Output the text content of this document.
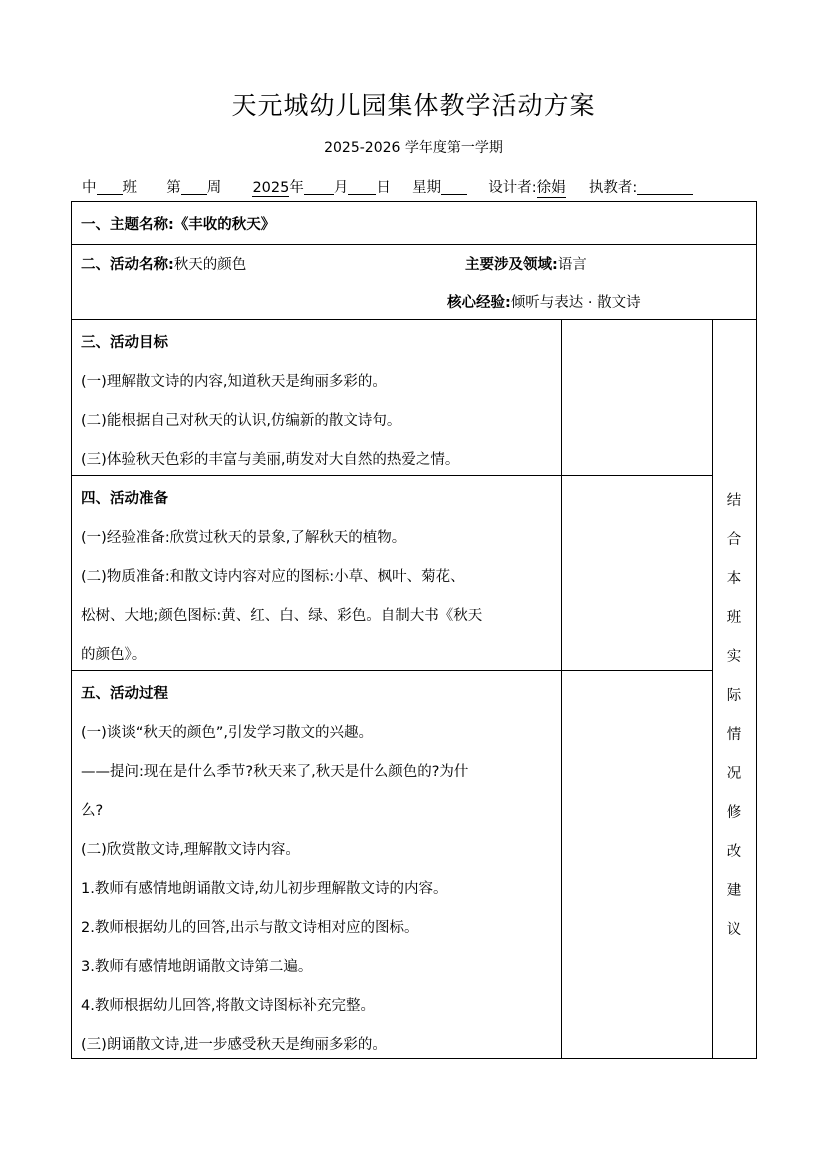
天元城幼儿园集体教学活动方案
2025-2026 学年度第一学期
中 班 第 周 2025年 月 日 星期	设计者:徐娟 执教者:
一、主题名称:《丰收的秋天》
二、活动名称:秋天的颜色	主要涉及领域:语言
核心经验:倾听与表达 · 散文诗
三、活动目标
(一)理解散文诗的内容,知道秋天是绚丽多彩的。
(二)能根据自己对秋天的认识,仿编新的散文诗句。
(三)体验秋天色彩的丰富与美丽,萌发对大自然的热爱之情。
四、活动准备
(一)经验准备:欣赏过秋天的景象,了解秋天的植物。
(二)物质准备:和散文诗内容对应的图标:小草、枫叶、菊花、
松树、大地;颜色图标:黄、红、白、绿、彩色。自制大书《秋天
的颜色》。
五、活动过程
(一)谈谈“秋天的颜色”,引发学习散文的兴趣。
——提问:现在是什么季节?秋天来了,秋天是什么颜色的?为什
么?
(二)欣赏散文诗,理解散文诗内容。
1.教师有感情地朗诵散文诗,幼儿初步理解散文诗的内容。
2.教师根据幼儿的回答,出示与散文诗相对应的图标。
3.教师有感情地朗诵散文诗第二遍。
4.教师根据幼儿回答,将散文诗图标补充完整。
(三)朗诵散文诗,进一步感受秋天是绚丽多彩的。
结
合
本
班
实
际
情
况
修
改
建
议
